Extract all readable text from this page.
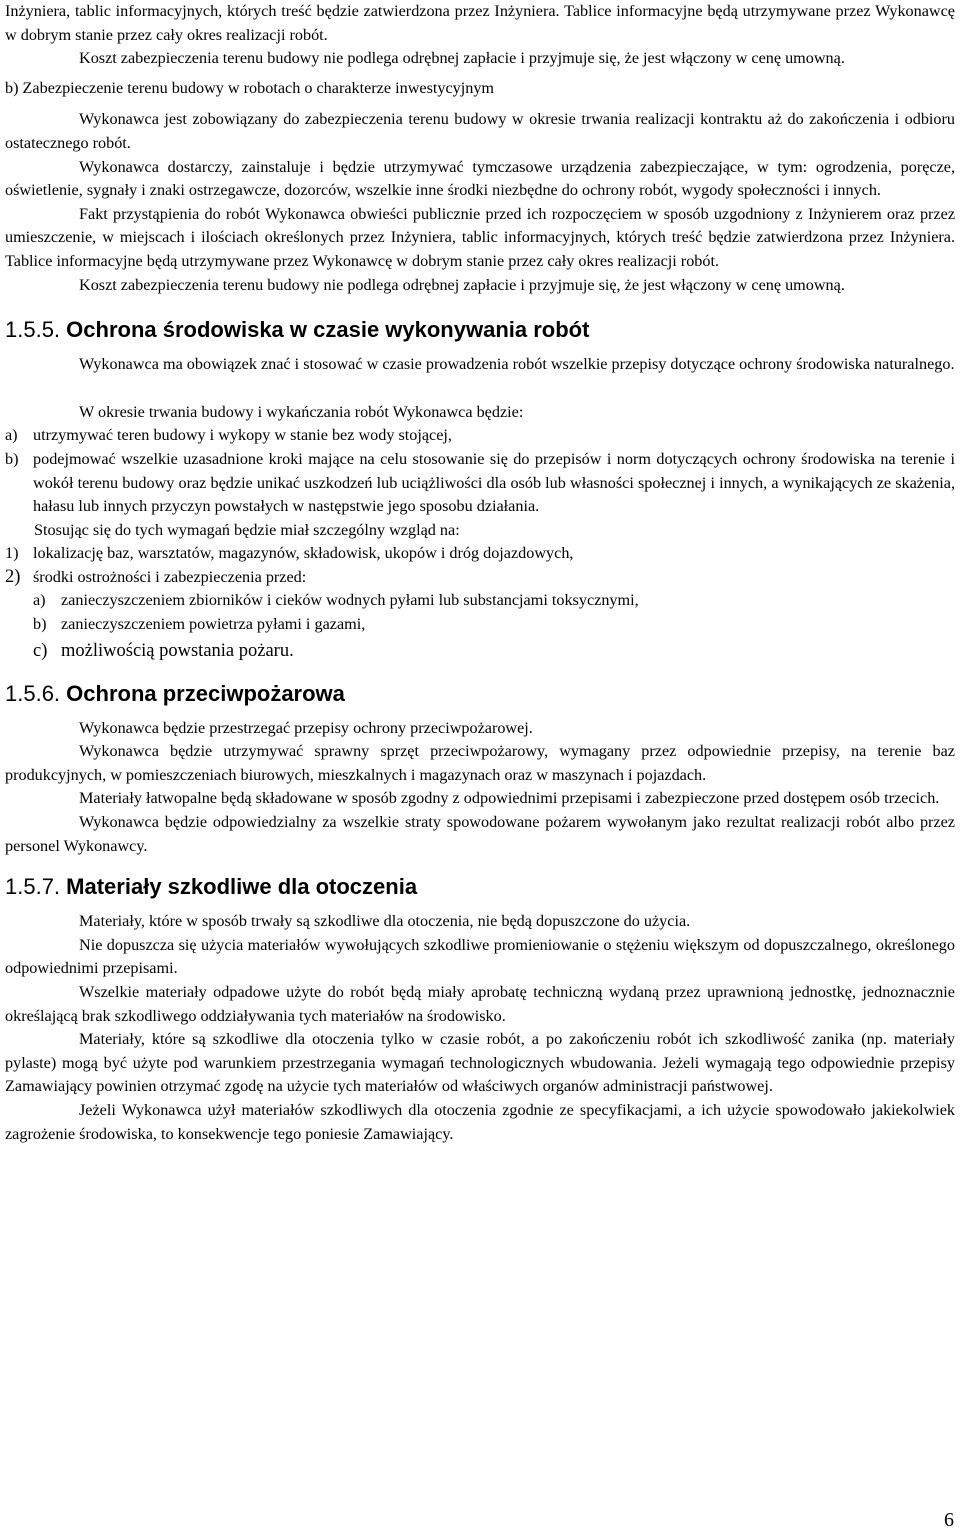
Inżyniera, tablic informacyjnych, których treść będzie zatwierdzona przez Inżyniera. Tablice informacyjne będą utrzymywane przez Wykonawcę w dobrym stanie przez cały okres realizacji robót.

Koszt zabezpieczenia terenu budowy nie podlega odrębnej zapłacie i przyjmuje się, że jest włączony w cenę umowną.

b) Zabezpieczenie terenu budowy w robotach o charakterze inwestycyjnym

Wykonawca jest zobowiązany do zabezpieczenia terenu budowy w okresie trwania realizacji kontraktu aż do zakończenia i odbioru ostatecznego robót.

Wykonawca dostarczy, zainstaluje i będzie utrzymywać tymczasowe urządzenia zabezpieczające, w tym: ogrodzenia, poręcze, oświetlenie, sygnały i znaki ostrzegawcze, dozorców, wszelkie inne środki niezbędne do ochrony robót, wygody społeczności i innych.

Fakt przystąpienia do robót Wykonawca obwieści publicznie przed ich rozpoczęciem w sposób uzgodniony z Inżynierem oraz przez umieszczenie, w miejscach i ilościach określonych przez Inżyniera, tablic informacyjnych, których treść będzie zatwierdzona przez Inżyniera. Tablice informacyjne będą utrzymywane przez Wykonawcę w dobrym stanie przez cały okres realizacji robót.

Koszt zabezpieczenia terenu budowy nie podlega odrębnej zapłacie i przyjmuje się, że jest włączony w cenę umowną.

1.5.5. Ochrona środowiska w czasie wykonywania robót

Wykonawca ma obowiązek znać i stosować w czasie prowadzenia robót wszelkie przepisy dotyczące ochrony środowiska naturalnego.

W okresie trwania budowy i wykańczania robót Wykonawca będzie:

a) utrzymywać teren budowy i wykopy w stanie bez wody stojącej,
b) podejmować wszelkie uzasadnione kroki mające na celu stosowanie się do przepisów i norm dotyczących ochrony środowiska na terenie i wokół terenu budowy oraz będzie unikać uszkodzeń lub uciążliwości dla osób lub własności społecznej i innych, a wynikających ze skażenia, hałasu lub innych przyczyn powstałych w następstwie jego sposobu działania.

Stosując się do tych wymagań będzie miał szczególny wzgląd na:

1) lokalizację baz, warsztatów, magazynów, składowisk, ukopów i dróg dojazdowych,
2) środki ostrożności i zabezpieczenia przed:
a) zanieczyszczeniem zbiorników i cieków wodnych pyłami lub substancjami toksycznymi,
b) zanieczyszczeniem powietrza pyłami i gazami,
c) możliwością powstania pożaru.
1.5.6. Ochrona przeciwpożarowa

Wykonawca będzie przestrzegać przepisy ochrony przeciwpożarowej.

Wykonawca będzie utrzymywać sprawny sprzęt przeciwpożarowy, wymagany przez odpowiednie przepisy, na terenie baz produkcyjnych, w pomieszczeniach biurowych, mieszkalnych i magazynach oraz w maszynach i pojazdach.

Materiały łatwopalne będą składowane w sposób zgodny z odpowiednimi przepisami i zabezpieczone przed dostępem osób trzecich.

Wykonawca będzie odpowiedzialny za wszelkie straty spowodowane pożarem wywołanym jako rezultat realizacji robót albo przez personel Wykonawcy.

1.5.7. Materiały szkodliwe dla otoczenia

Materiały, które w sposób trwały są szkodliwe dla otoczenia, nie będą dopuszczone do użycia.

Nie dopuszcza się użycia materiałów wywołujących szkodliwe promieniowanie o stężeniu większym od dopuszczalnego, określonego odpowiednimi przepisami.

Wszelkie materiały odpadowe użyte do robót będą miały aprobatę techniczną wydaną przez uprawnioną jednostkę, jednoznacznie określającą brak szkodliwego oddziaływania tych materiałów na środowisko.

Materiały, które są szkodliwe dla otoczenia tylko w czasie robót, a po zakończeniu robót ich szkodliwość zanika (np. materiały pylaste) mogą być użyte pod warunkiem przestrzegania wymagań technologicznych wbudowania. Jeżeli wymagają tego odpowiednie przepisy Zamawiający powinien otrzymać zgodę na użycie tych materiałów od właściwych organów administracji państwowej.

Jeżeli Wykonawca użył materiałów szkodliwych dla otoczenia zgodnie ze specyfikacjami, a ich użycie spowodowało jakiekolwiek zagrożenie środowiska, to konsekwencje tego poniesie Zamawiający.

6
